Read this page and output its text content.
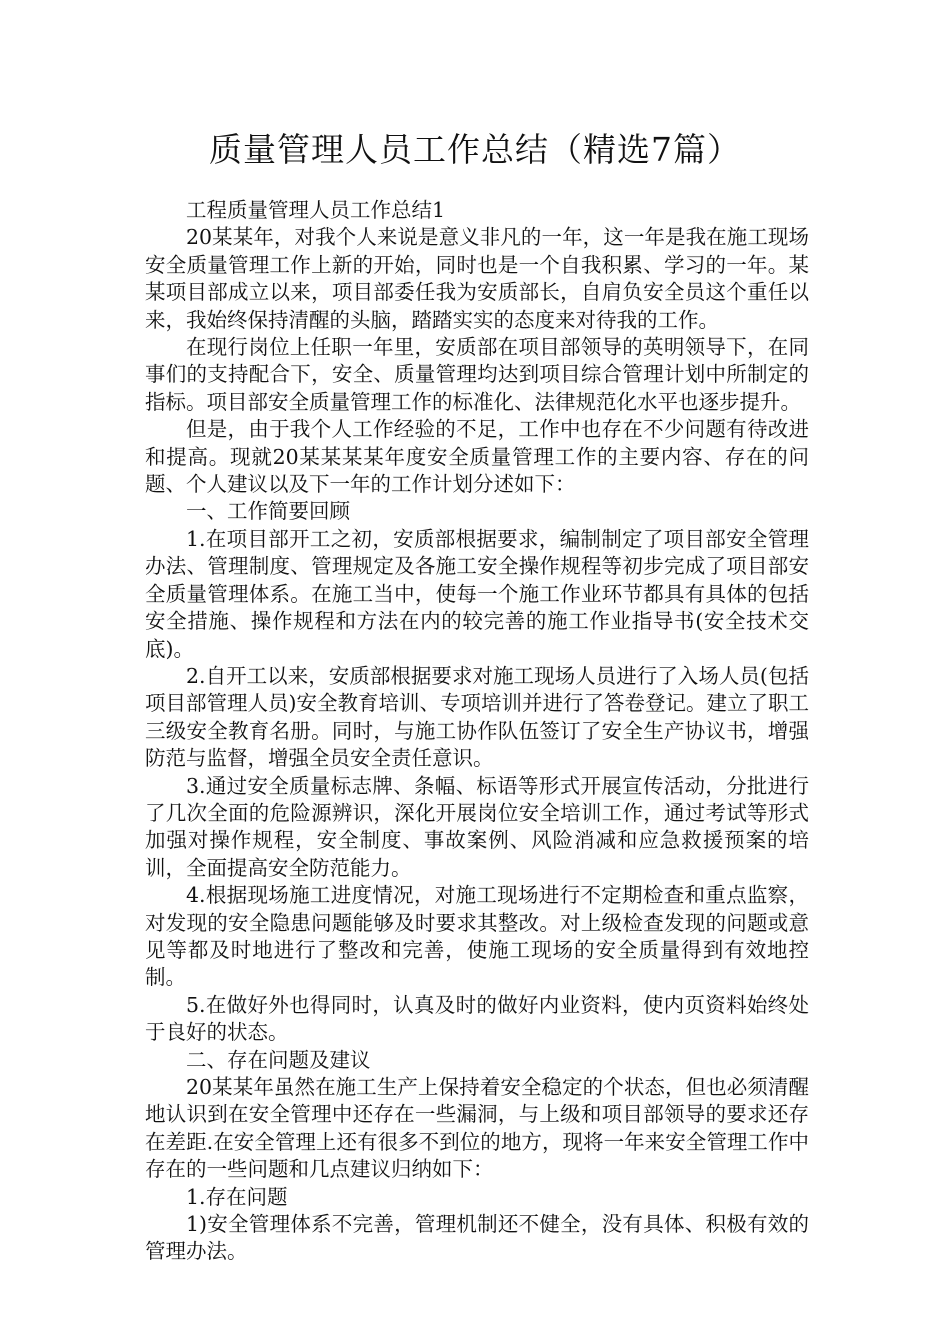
质量管理人员工作总结（精选7篇）

工程质量管理人员工作总结1

20某某年，对我个人来说是意义非凡的一年，这一年是我在施工现场安全质量管理工作上新的开始，同时也是一个自我积累、学习的一年。某某项目部成立以来，项目部委任我为安质部长，自肩负安全员这个重任以来，我始终保持清醒的头脑，踏踏实实的态度来对待我的工作。

在现行岗位上任职一年里，安质部在项目部领导的英明领导下，在同事们的支持配合下，安全、质量管理均达到项目综合管理计划中所制定的指标。项目部安全质量管理工作的标准化、法律规范化水平也逐步提升。

但是，由于我个人工作经验的不足，工作中也存在不少问题有待改进和提高。现就20某某某某年度安全质量管理工作的主要内容、存在的问题、个人建议以及下一年的工作计划分述如下：

一、工作简要回顾

1.在项目部开工之初，安质部根据要求，编制制定了项目部安全管理办法、管理制度、管理规定及各施工安全操作规程等初步完成了项目部安全质量管理体系。在施工当中，使每一个施工作业环节都具有具体的包括安全措施、操作规程和方法在内的较完善的施工作业指导书(安全技术交底)。

2.自开工以来，安质部根据要求对施工现场人员进行了入场人员(包括项目部管理人员)安全教育培训、专项培训并进行了答卷登记。建立了职工三级安全教育名册。同时，与施工协作队伍签订了安全生产协议书，增强防范与监督，增强全员安全责任意识。

3.通过安全质量标志牌、条幅、标语等形式开展宣传活动，分批进行了几次全面的危险源辨识，深化开展岗位安全培训工作，通过考试等形式加强对操作规程，安全制度、事故案例、风险消减和应急救援预案的培训，全面提高安全防范能力。

4.根据现场施工进度情况，对施工现场进行不定期检查和重点监察，对发现的安全隐患问题能够及时要求其整改。对上级检查发现的问题或意见等都及时地进行了整改和完善，使施工现场的安全质量得到有效地控制。

5.在做好外也得同时，认真及时的做好内业资料，使内页资料始终处于良好的状态。

二、存在问题及建议

20某某年虽然在施工生产上保持着安全稳定的个状态，但也必须清醒地认识到在安全管理中还存在一些漏洞，与上级和项目部领导的要求还存在差距.在安全管理上还有很多不到位的地方，现将一年来安全管理工作中存在的一些问题和几点建议归纳如下：

1.存在问题

1)安全管理体系不完善，管理机制还不健全，没有具体、积极有效的管理办法。
